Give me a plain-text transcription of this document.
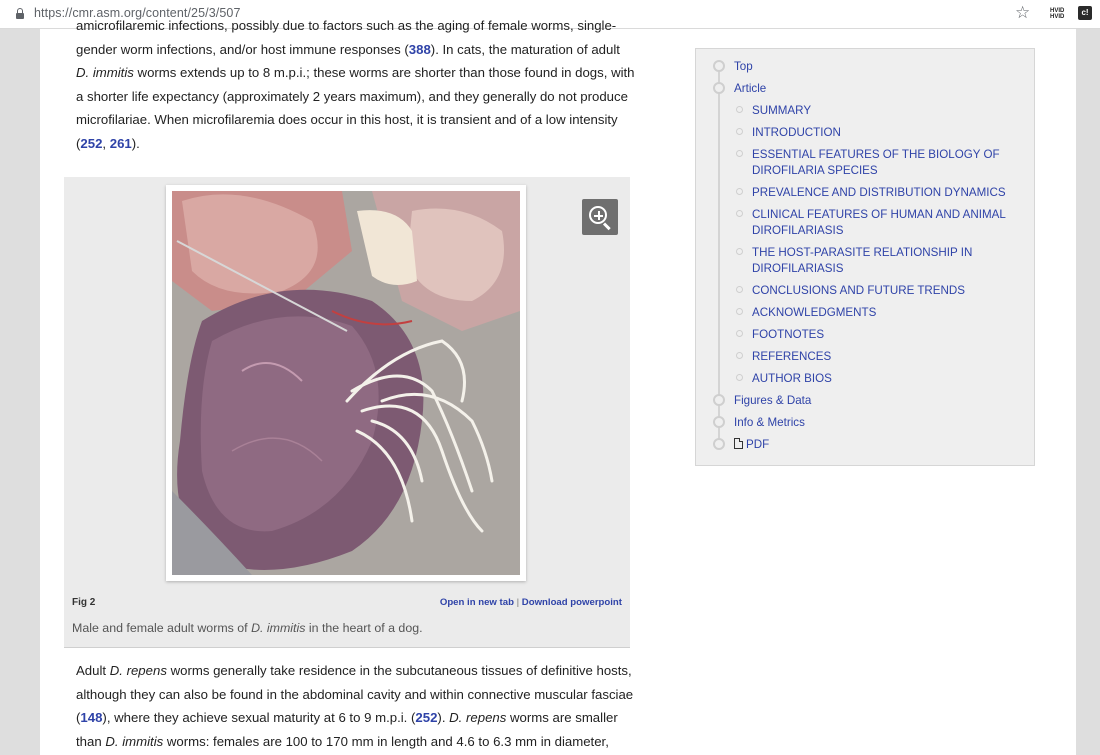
https://cmr.asm.org/content/25/3/507	☆	HVID
HVID	c!

amicrofilaremic infections, possibly due to factors such as the aging of female worms, single-
gender worm infections, and/or host immune responses (388). In cats, the maturation of adult D. immitis worms extends up to 8 m.p.i.; these worms are shorter than those found in dogs, with a shorter life expectancy (approximately 2 years maximum), and they generally do not produce microfilariae. When microfilaremia does occur in this host, it is transient and of a low intensity (252, 261).

Fig 2	Open in new tab | Download powerpoint
Male and female adult worms of D. immitis in the heart of a dog.

Adult D. repens worms generally take residence in the subcutaneous tissues of definitive hosts, although they can also be found in the abdominal cavity and within connective muscular fasciae (148), where they achieve sexual maturity at 6 to 9 m.p.i. (252). D. repens worms are smaller than D. immitis worms: females are 100 to 170 mm in length and 4.6 to 6.3 mm in diameter,

Top
Article
SUMMARY
INTRODUCTION
ESSENTIAL FEATURES OF THE BIOLOGY OF
DIROFILARIA SPECIES
PREVALENCE AND DISTRIBUTION DYNAMICS
CLINICAL FEATURES OF HUMAN AND ANIMAL
DIROFILARIASIS
THE HOST-PARASITE RELATIONSHIP IN
DIROFILARIASIS
CONCLUSIONS AND FUTURE TRENDS
ACKNOWLEDGMENTS
FOOTNOTES
REFERENCES
AUTHOR BIOS
Figures & Data
Info & Metrics
PDF
